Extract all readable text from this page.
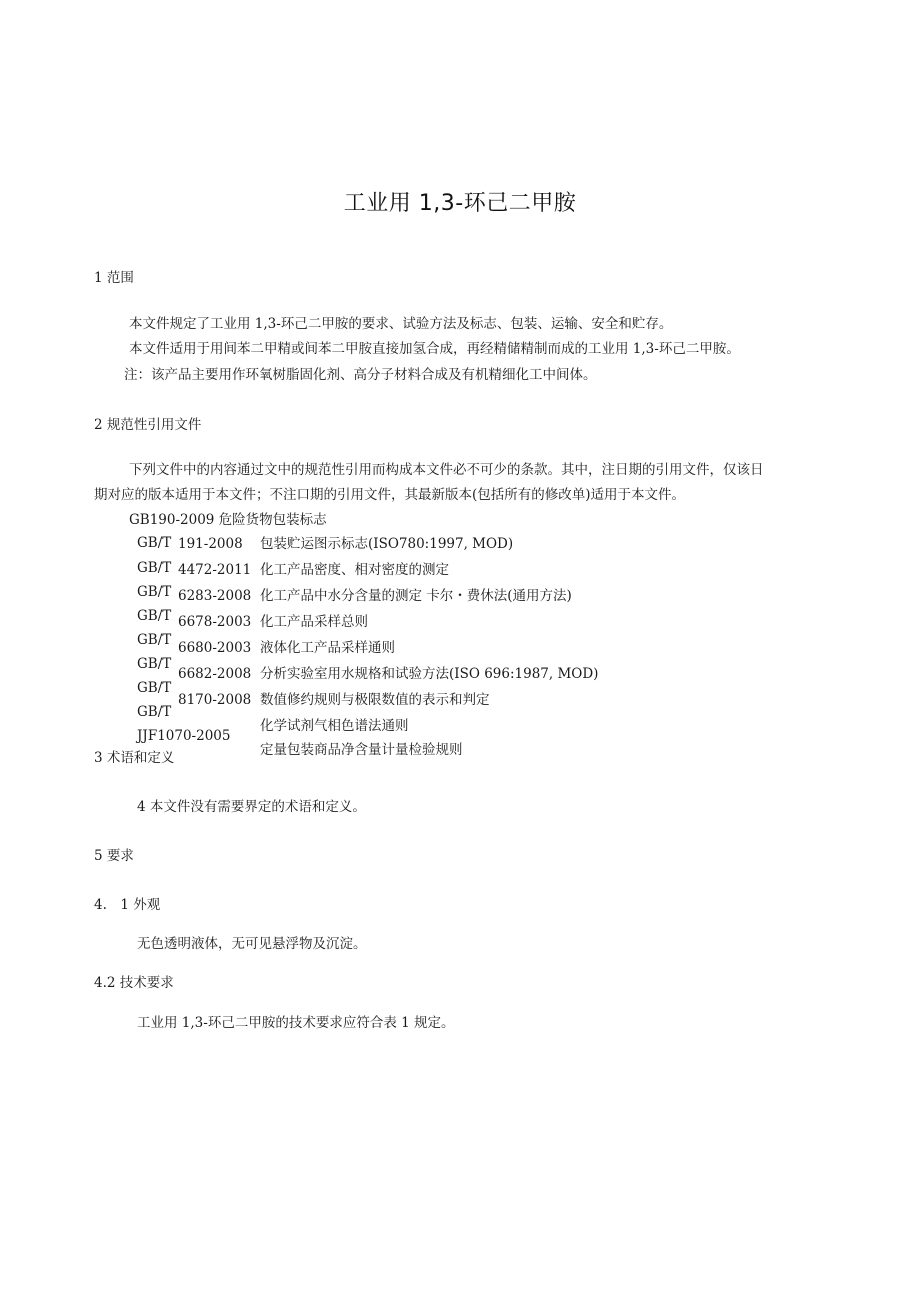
工业用 1,3-环己二甲胺
1 范围
本文件规定了工业用 1,3-环己二甲胺的要求、试验方法及标志、包装、运输、安全和贮存。
本文件适用于用间苯二甲精或间苯二甲胺直接加氢合成，再经精储精制而成的工业用 1,3-环己二甲胺。
注：该产品主要用作环氧树脂固化剂、高分子材料合成及有机精细化工中间体。
2 规范性引用文件
下列文件中的内容通过文中的规范性引用而构成本文件必不可少的条款。其中，注日期的引用文件，仅该日
期对应的版本适用于本文件；不注口期的引用文件，其最新版本(包括所有的修改单)适用于本文件。
GB190-2009 危险货物包装标志
GB/T
GB/T
GB/T
GB/T
GB/T
GB/T
GB/T
GB/T
JJF1070-2005
191-2008
4472-2011
6283-2008
6678-2003
6680-2003
6682-2008
8170-2008
包装贮运图示标志(ISO780:1997, MOD)
化工产品密度、相对密度的测定
化工产品中水分含量的测定 卡尔・费休法(通用方法)
化工产品采样总则
液体化工产品采样通则
分析实验室用水规格和试验方法(ISO 696:1987, MOD)
数值修约规则与极限数值的表示和判定
化学试剂气相色谱法通则
定量包装商品净含量计量检验规则
3 术语和定义
4 本文件没有需要界定的术语和定义。
5 要求
4.　1 外观
无色透明液体，无可见悬浮物及沉淀。
4.2 技术要求
工业用 1,3-环己二甲胺的技术要求应符合表 1 规定。
